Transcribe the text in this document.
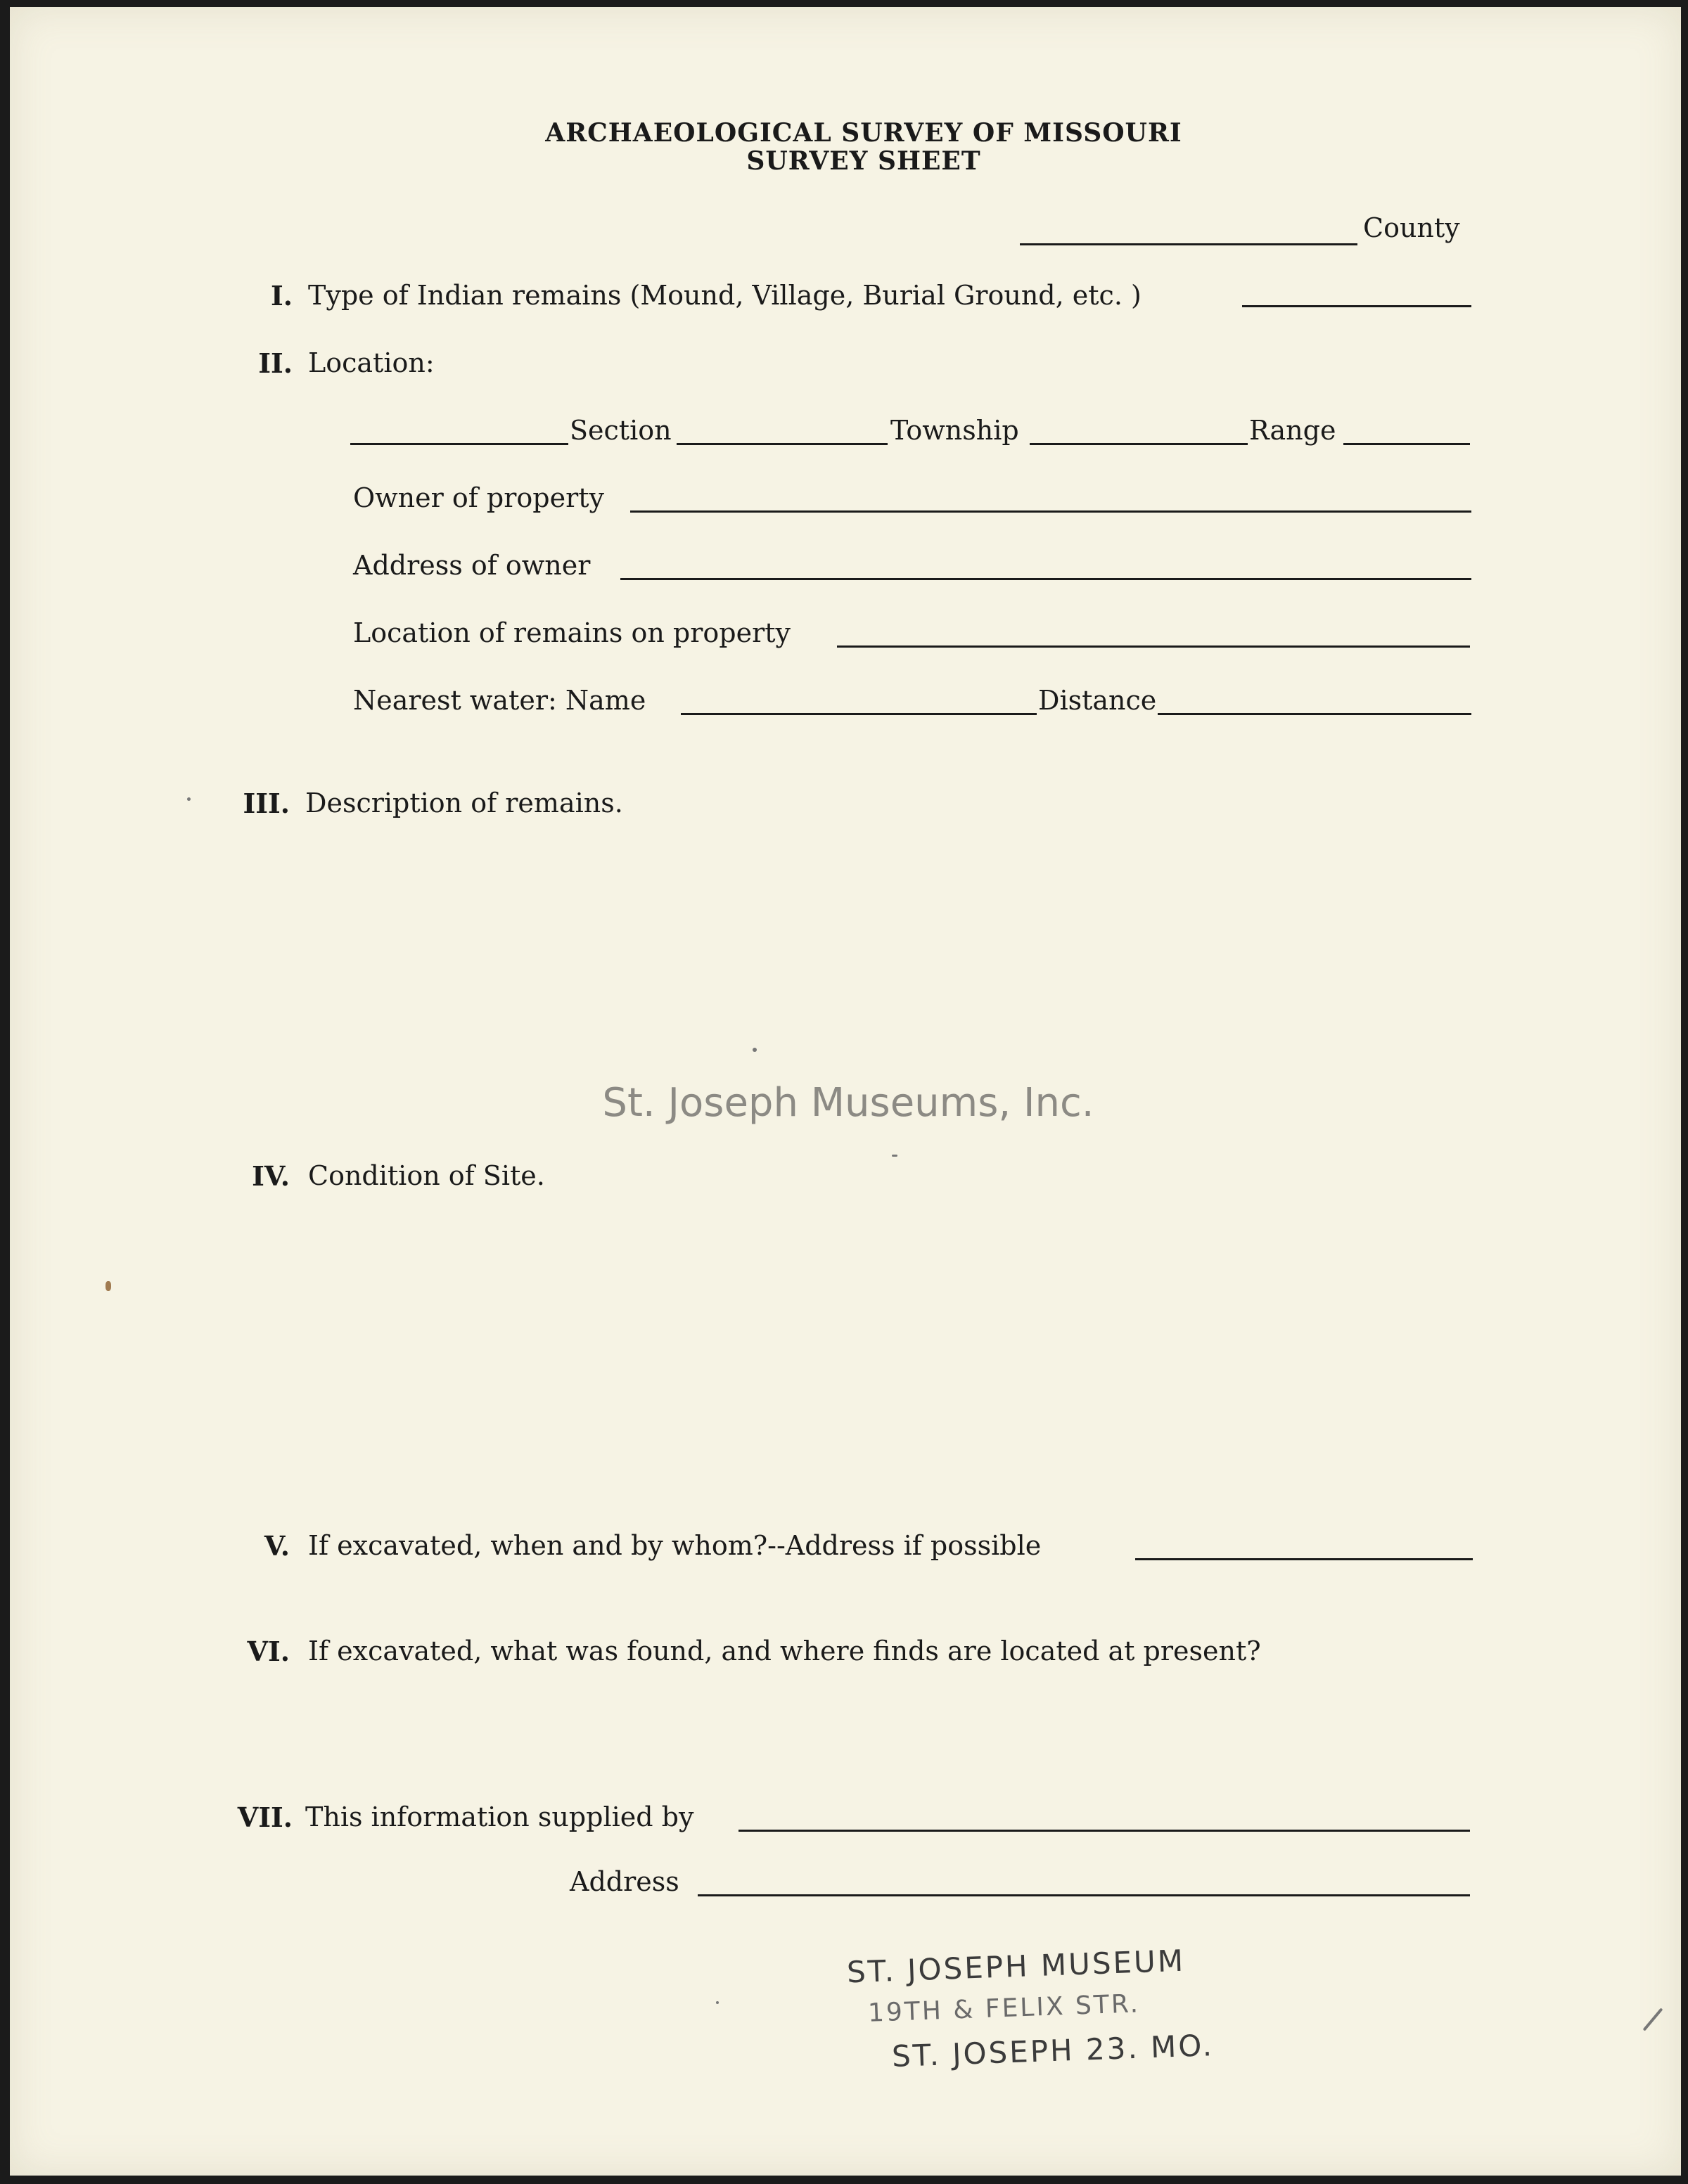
ARCHAEOLOGICAL SURVEY OF MISSOURI
SURVEY SHEET
County
I. Type of Indian remains (Mound, Village, Burial Ground, etc. )
II. Location:
Section	Township	Range
Owner of property
Address of owner
Location of remains on property
Nearest water: Name	Distance
III. Description of remains.
St. Joseph Museums, Inc.
IV. Condition of Site.
V. If excavated, when and by whom?--Address if possible
VI. If excavated, what was found, and where finds are located at present?
VII. This information supplied by
Address
ST. JOSEPH MUSEUM
19TH & FELIX STR.
ST. JOSEPH 23. MO.
